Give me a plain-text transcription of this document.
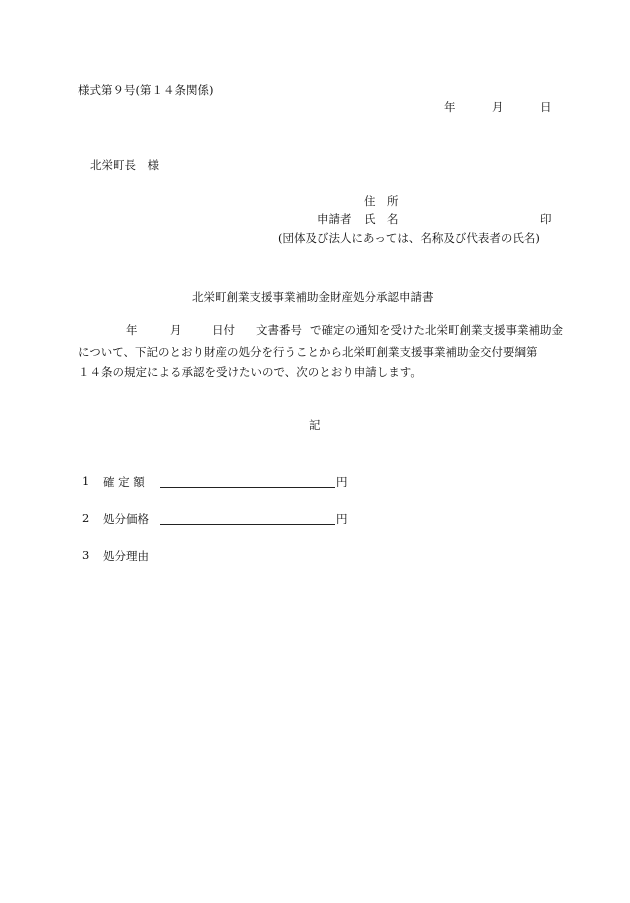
様式第９号(第１４条関係)
年	月	日
北栄町長　様
住　所
申請者 氏　名	印
(団体及び法人にあっては、名称及び代表者の氏名)
北栄町創業支援事業補助金財産処分承認申請書
年	月	日付 文書番号 で確定の通知を受けた北栄町創業支援事業補助金
について、下記のとおり財産の処分を行うことから北栄町創業支援事業補助金交付要綱第
１４条の規定による承認を受けたいので、次のとおり申請します。
記
1 確 定 額	円
2 処分価格	円
3 処分理由
